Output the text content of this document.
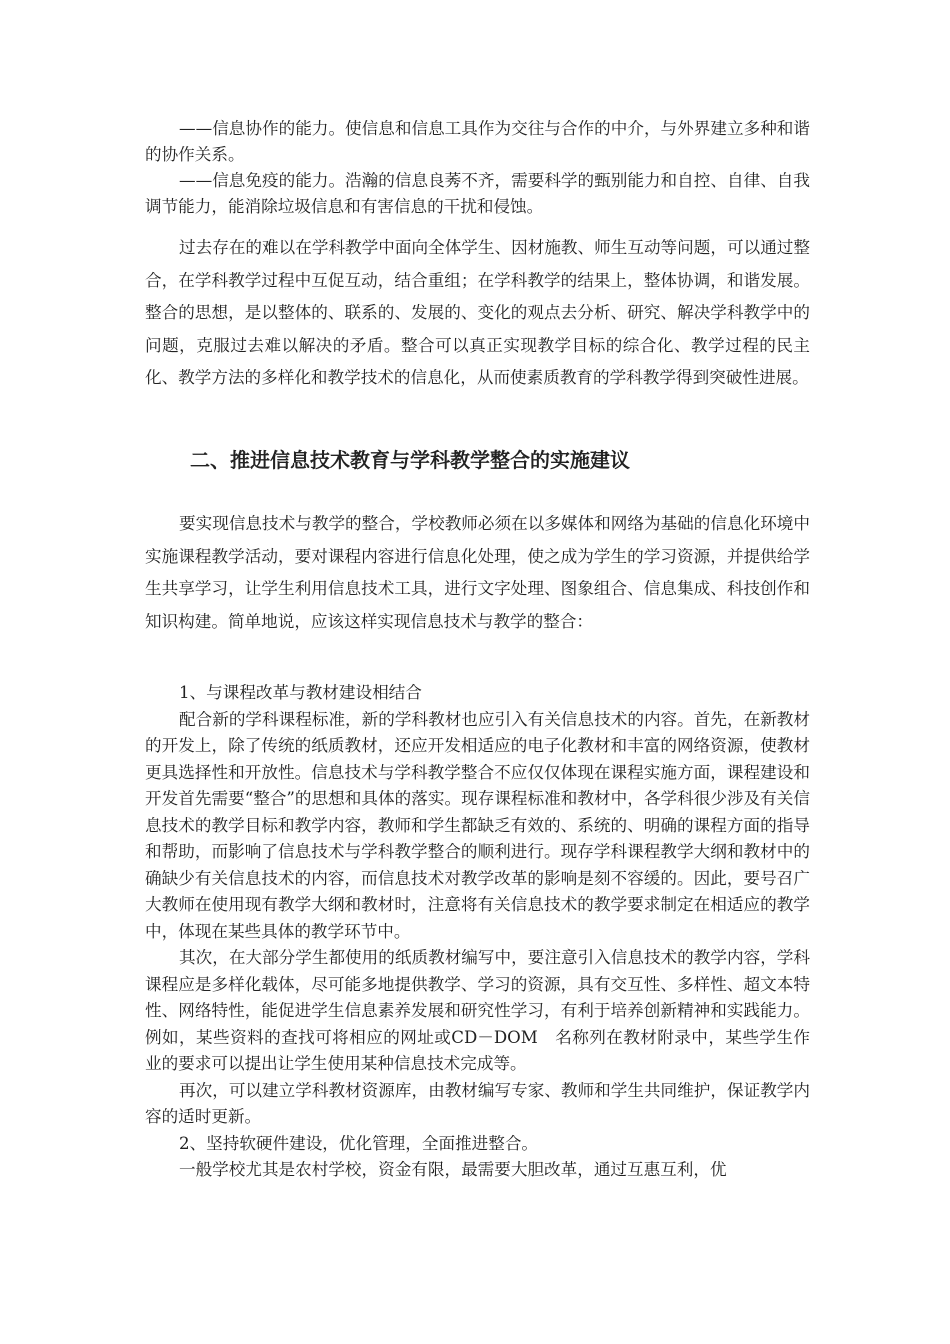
——信息协作的能力。使信息和信息工具作为交往与合作的中介，与外界建立多种和谐的协作关系。

——信息免疫的能力。浩瀚的信息良莠不齐，需要科学的甄别能力和自控、自律、自我调节能力，能消除垃圾信息和有害信息的干扰和侵蚀。

过去存在的难以在学科教学中面向全体学生、因材施教、师生互动等问题，可以通过整合，在学科教学过程中互促互动，结合重组；在学科教学的结果上，整体协调，和谐发展。整合的思想，是以整体的、联系的、发展的、变化的观点去分析、研究、解决学科教学中的问题，克服过去难以解决的矛盾。整合可以真正实现教学目标的综合化、教学过程的民主化、教学方法的多样化和教学技术的信息化，从而使素质教育的学科教学得到突破性进展。

二、推进信息技术教育与学科教学整合的实施建议

要实现信息技术与教学的整合，学校教师必须在以多媒体和网络为基础的信息化环境中实施课程教学活动，要对课程内容进行信息化处理，使之成为学生的学习资源，并提供给学生共享学习，让学生利用信息技术工具，进行文字处理、图象组合、信息集成、科技创作和知识构建。简单地说，应该这样实现信息技术与教学的整合：

1、与课程改革与教材建设相结合

配合新的学科课程标准，新的学科教材也应引入有关信息技术的内容。首先，在新教材的开发上，除了传统的纸质教材，还应开发相适应的电子化教材和丰富的网络资源，使教材更具选择性和开放性。信息技术与学科教学整合不应仅仅体现在课程实施方面，课程建设和开发首先需要“整合”的思想和具体的落实。现存课程标准和教材中，各学科很少涉及有关信息技术的教学目标和教学内容，教师和学生都缺乏有效的、系统的、明确的课程方面的指导和帮助，而影响了信息技术与学科教学整合的顺利进行。现存学科课程教学大纲和教材中的确缺少有关信息技术的内容，而信息技术对教学改革的影响是刻不容缓的。因此，要号召广大教师在使用现有教学大纲和教材时，注意将有关信息技术的教学要求制定在相适应的教学中，体现在某些具体的教学环节中。

其次，在大部分学生都使用的纸质教材编写中，要注意引入信息技术的教学内容，学科课程应是多样化载体，尽可能多地提供教学、学习的资源，具有交互性、多样性、超文本特性、网络特性，能促进学生信息素养发展和研究性学习，有利于培养创新精神和实践能力。例如，某些资料的查找可将相应的网址或CD－DOM　名称列在教材附录中，某些学生作业的要求可以提出让学生使用某种信息技术完成等。

再次，可以建立学科教材资源库，由教材编写专家、教师和学生共同维护，保证教学内容的适时更新。

2、坚持软硬件建设，优化管理，全面推进整合。

一般学校尤其是农村学校，资金有限，最需要大胆改革，通过互惠互利，优
